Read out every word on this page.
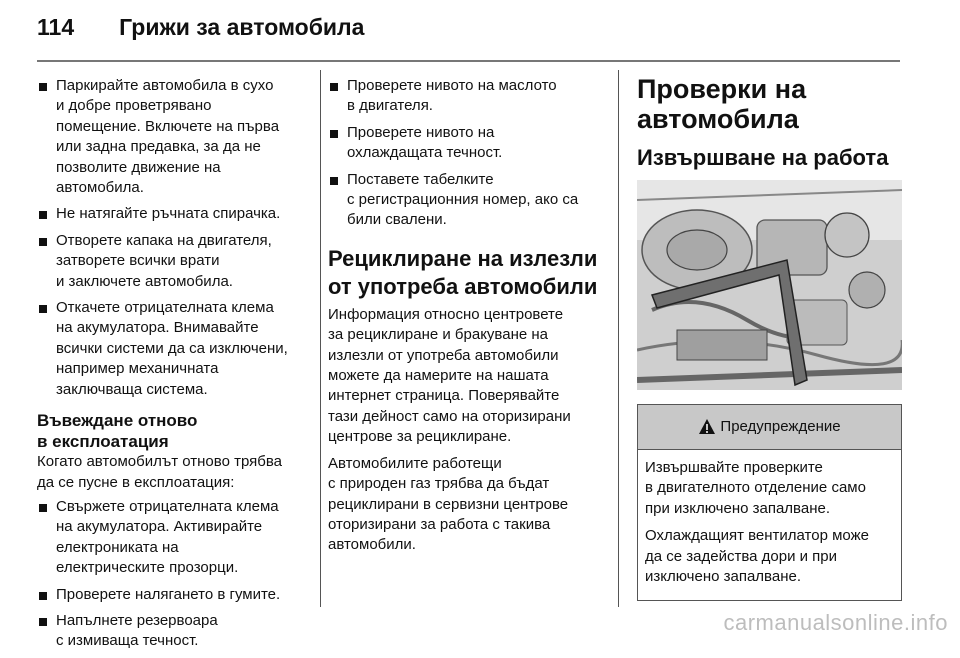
114 Грижи за автомобила
Паркирайте автомобила в сухо
и добре проветрявано
помещение. Включете на първа
или задна предавка, за да не
позволите движение на
автомобила.
Не натягайте ръчната спирачка.
Отворете капака на двигателя,
затворете всички врати
и заключете автомобила.
Откачете отрицателната клема
на акумулатора. Внимавайте
всички системи да са изключени,
например механичната
заключваща система.
Въвеждане отново
в експлоатация
Когато автомобилът отново трябва
да се пусне в експлоатация:
Свържете отрицателната клема
на акумулатора. Активирайте
електрониката на
електрическите прозорци.
Проверете налягането в гумите.
Напълнете резервоара
с измиваща течност.
Проверете нивото на маслото
в двигателя.
Проверете нивото на
охлаждащата течност.
Поставете табелките
с регистрационния номер, ако са
били свалени.
Рециклиране на излезли
от употреба автомобили
Информация относно центровете
за рециклиране и бракуване на
излезли от употреба автомобили
можете да намерите на нашата
интернет страница. Поверявайте
тази дейност само на оторизирани
центрове за рециклиране.
Автомобилите работещи
с природен газ трябва да бъдат
рециклирани в сервизни центрове
оторизирани за работа с такива
автомобили.
Проверки на
автомобила
Извършване на работа
Предупреждение
Извършвайте проверките
в двигателното отделение само
при изключено запалване.
Охлаждащият вентилатор може
да се задейства дори и при
изключено запалване.
carmanualsonline.info
